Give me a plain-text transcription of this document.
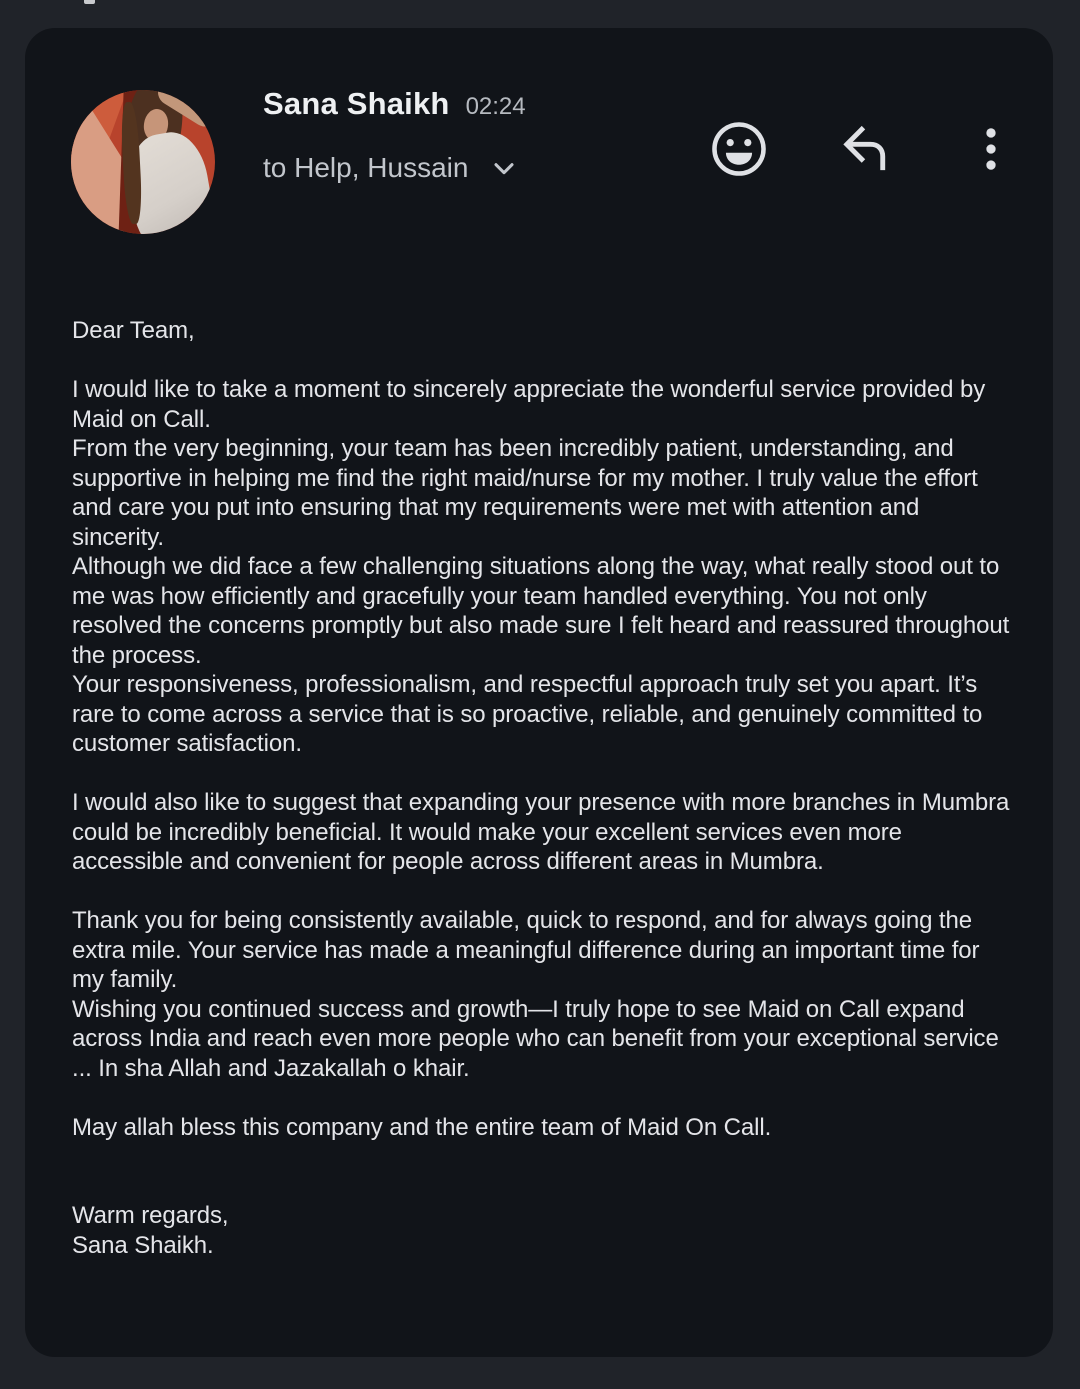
Sana Shaikh 02:24
to Help, Hussain

Dear Team,

I would like to take a moment to sincerely appreciate the wonderful service provided by Maid on Call.

From the very beginning, your team has been incredibly patient, understanding, and supportive in helping me find the right maid/nurse for my mother. I truly value the effort and care you put into ensuring that my requirements were met with attention and sincerity.

Although we did face a few challenging situations along the way, what really stood out to me was how efficiently and gracefully your team handled everything. You not only resolved the concerns promptly but also made sure I felt heard and reassured throughout the process.

Your responsiveness, professionalism, and respectful approach truly set you apart. It’s rare to come across a service that is so proactive, reliable, and genuinely committed to customer satisfaction.

I would also like to suggest that expanding your presence with more branches in Mumbra could be incredibly beneficial. It would make your excellent services even more accessible and convenient for people across different areas in Mumbra.

Thank you for being consistently available, quick to respond, and for always going the extra mile. Your service has made a meaningful difference during an important time for my family.

Wishing you continued success and growth—I truly hope to see Maid on Call expand across India and reach even more people who can benefit from your exceptional service ... In sha Allah and Jazakallah o khair.

May allah bless this company and the entire team of Maid On Call.

Warm regards,

Sana Shaikh.
